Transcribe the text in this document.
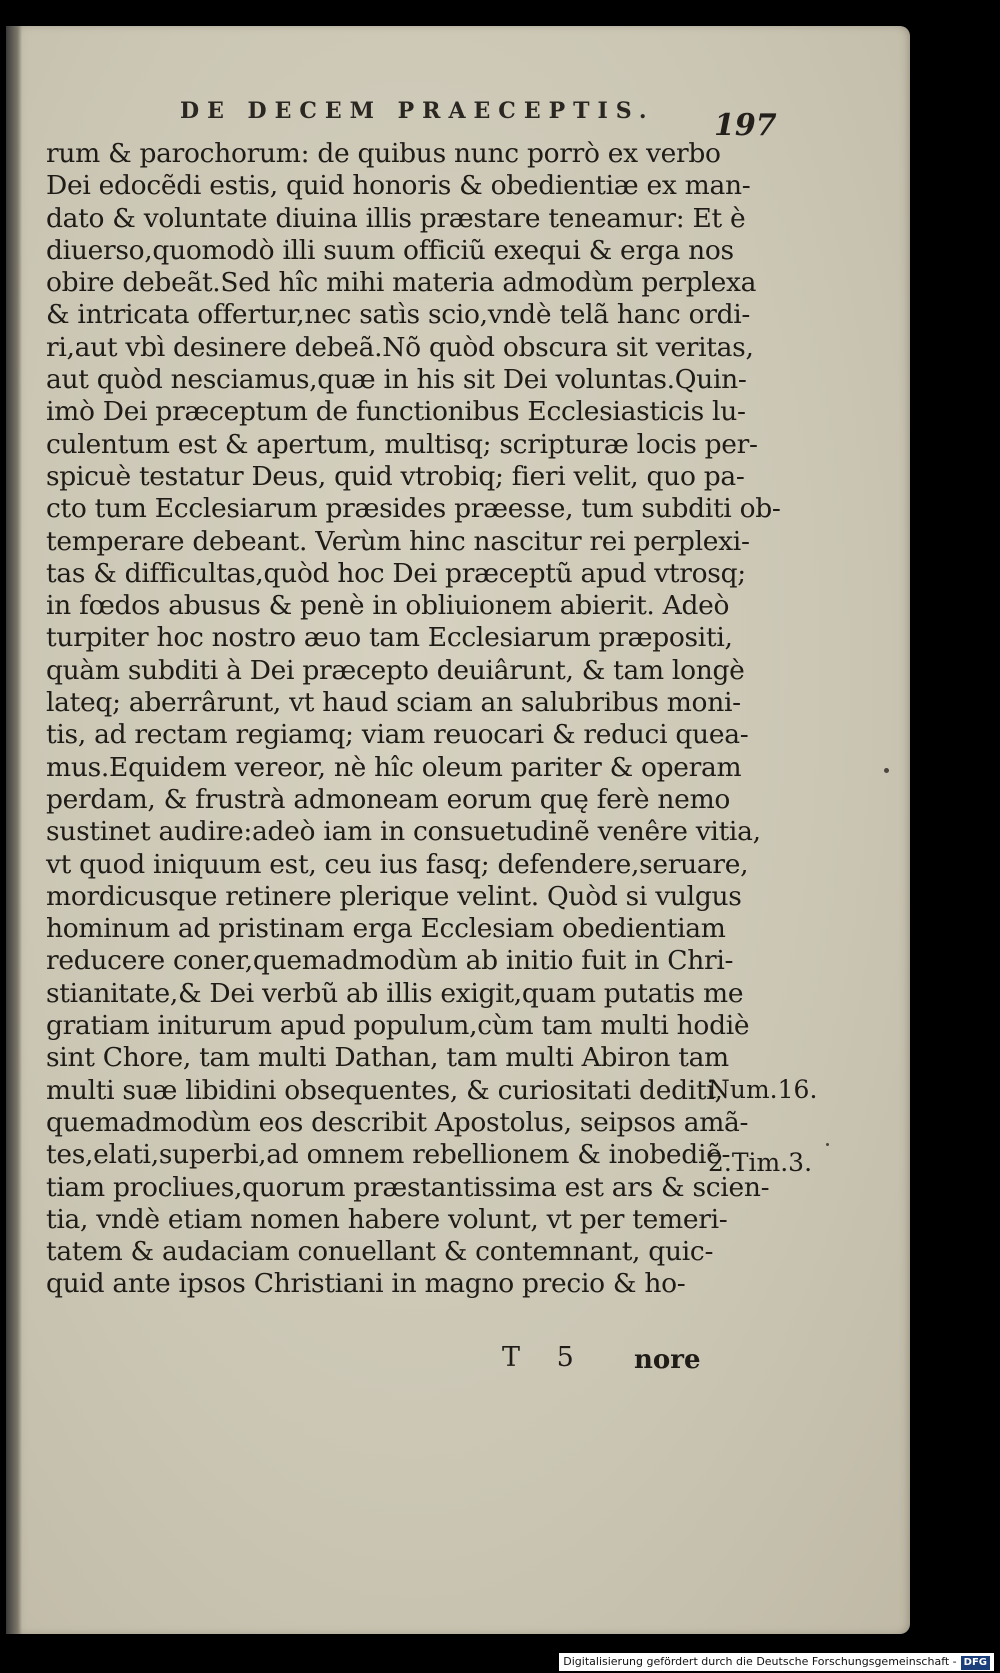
DE DECEM PRAECEPTIS. 197
rum & parochorum: de quibus nunc porrò ex verbo
Dei edocẽdi estis, quid honoris & obedientiæ ex man-
dato & voluntate diuina illis præstare teneamur: Et è
diuerso,quomodò illi suum officiũ exequi & erga nos
obire debeãt.Sed hîc mihi materia admodùm perplexa
& intricata offertur,nec satìs scio,vndè telã hanc ordi-
ri,aut vbì desinere debeã.Nõ quòd obscura sit veritas,
aut quòd nesciamus,quæ in his sit Dei voluntas.Quin-
imò Dei præceptum de functionibus Ecclesiasticis lu-
culentum est & apertum, multisq; scripturæ locis per-
spicuè testatur Deus, quid vtrobiq; fieri velit, quo pa-
cto tum Ecclesiarum præsides præesse, tum subditi ob-
temperare debeant. Verùm hinc nascitur rei perplexi-
tas & difficultas,quòd hoc Dei præceptũ apud vtrosq;
in fœdos abusus & penè in obliuionem abierit. Adeò
turpiter hoc nostro æuo tam Ecclesiarum præpositi,
quàm subditi à Dei præcepto deuiârunt, & tam longè
lateq; aberrârunt, vt haud sciam an salubribus moni-
tis, ad rectam regiamq; viam reuocari & reduci quea-
mus.Equidem vereor, nè hîc oleum pariter & operam
perdam, & frustrà admoneam eorum quę ferè nemo
sustinet audire:adeò iam in consuetudinẽ venêre vitia,
vt quod iniquum est, ceu ius fasq; defendere,seruare,
mordicusque retinere plerique velint. Quòd si vulgus
hominum ad pristinam erga Ecclesiam obedientiam
reducere coner,quemadmodùm ab initio fuit in Chri-
stianitate,& Dei verbũ ab illis exigit,quam putatis me
gratiam initurum apud populum,cùm tam multi hodiè
sint Chore, tam multi Dathan, tam multi Abiron tam
multi suæ libidini obsequentes, & curiositati dediti,
quemadmodùm eos describit Apostolus, seipsos amã-
tes,elati,superbi,ad omnem rebellionem & inobediẽ-
tiam procliues,quorum præstantissima est ars & scien-
tia, vndè etiam nomen habere volunt, vt per temeri-
tatem & audaciam conuellant & contemnant, quic-
quid ante ipsos Christiani in magno precio & ho-
Num.16.
2.Tim.3.
T 5 nore
Digitalisierung gefördert durch die Deutsche Forschungsgemeinschaft - DFG
